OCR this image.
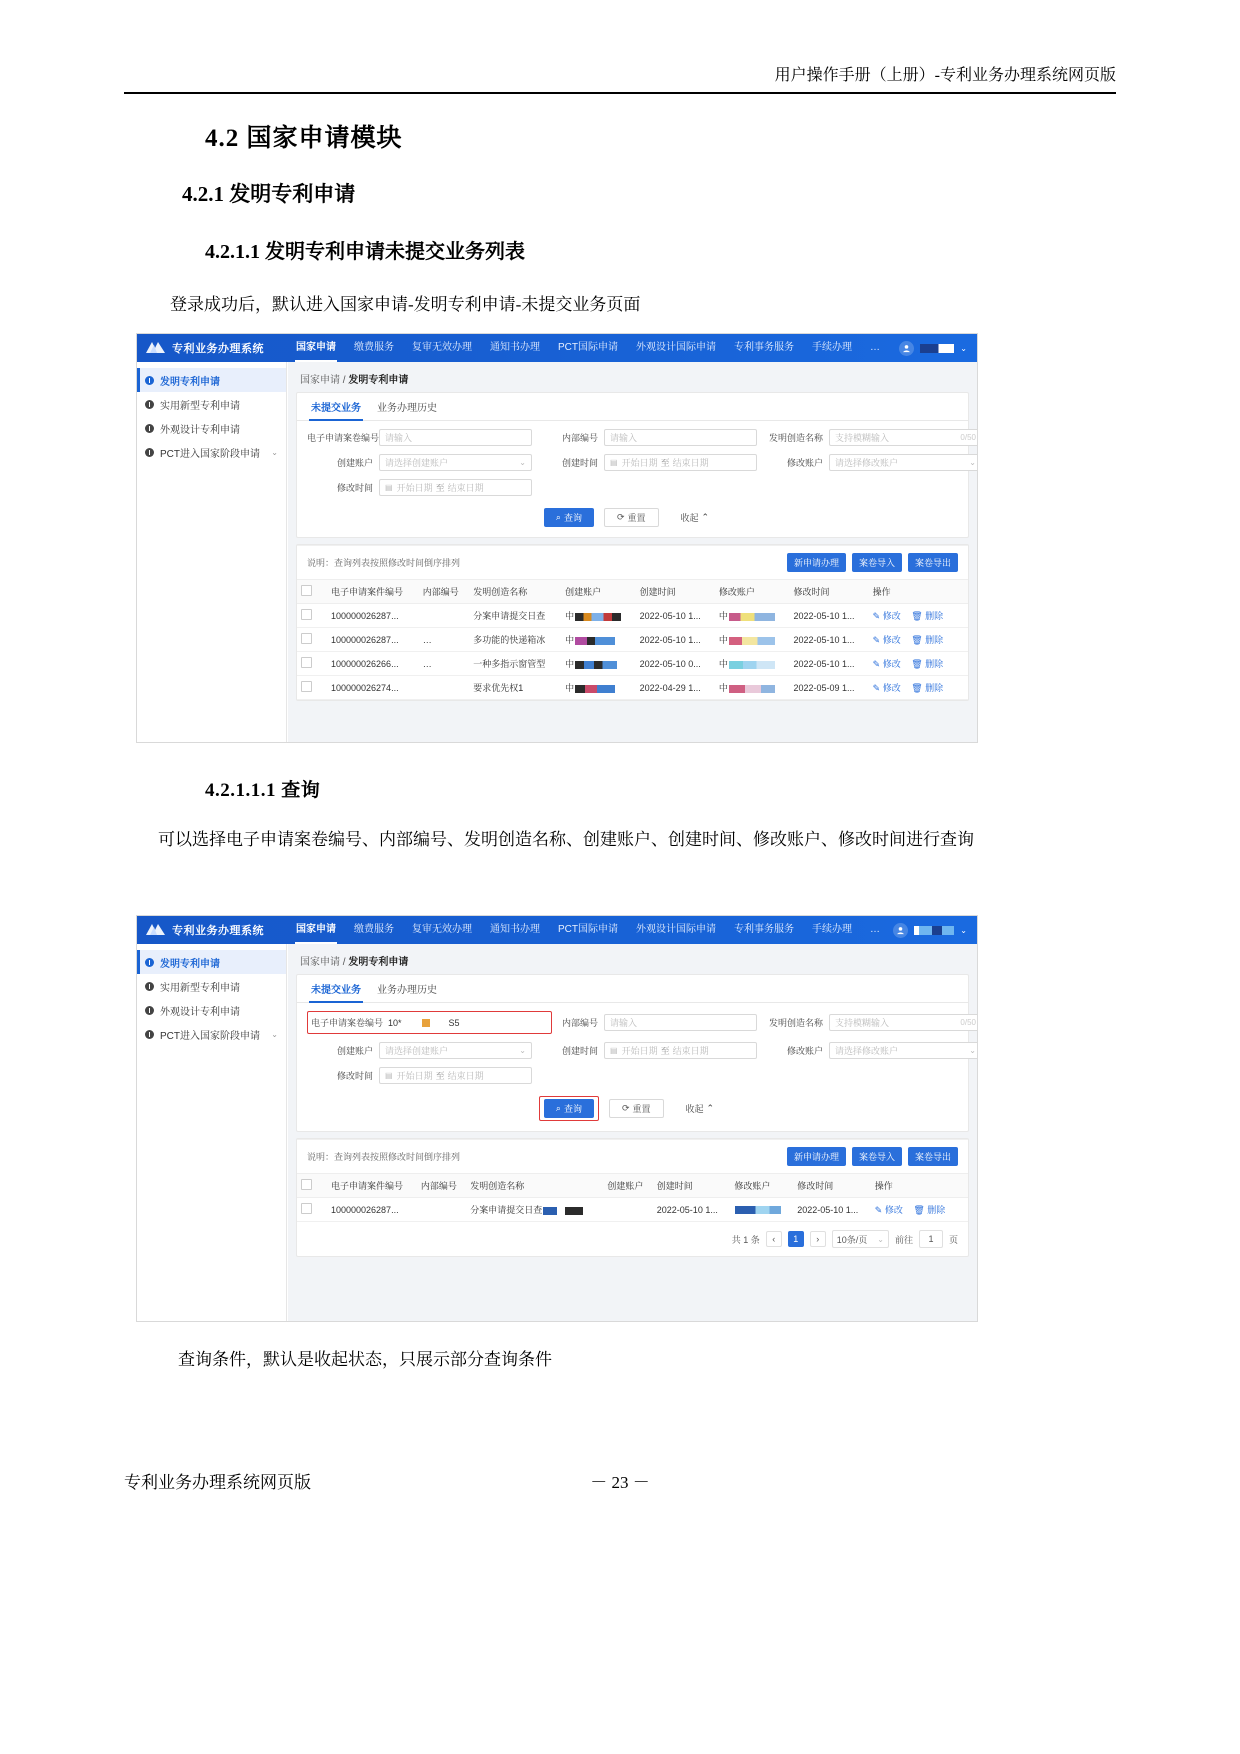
用户操作手册（上册）-专利业务办理系统网页版
4.2 国家申请模块
4.2.1 发明专利申请
4.2.1.1 发明专利申请未提交业务列表
登录成功后，默认进入国家申请-发明专利申请-未提交业务页面
专利业务办理系统	国家申请	缴费服务	复审无效办理	通知书办理	PCT国际申请	外观设计国际申请	专利事务服务	手续办理	…	⌄
发明专利申请
实用新型专利申请
外观设计专利申请
PCT进入国家阶段申请 ⌄
国家申请 / 发明专利申请
未提交业务	业务办理历史
电子申请案卷编号 请输入	内部编号	请输入	发明创造名称	支持模糊输入	0/50
创建账户	请选择创建账户	⌄	创建时间	▤ 开始日期 至 结束日期	修改账户	请选择修改账户	⌄
修改时间	▤ 开始日期 至 结束日期
⌕ 查询	⟳ 重置	收起 ⌃
说明：查询列表按照修改时间倒序排列	新申请办理	案卷导入	案卷导出
	电子申请案件编号	内部编号	发明创造名称	创建账户	创建时间	修改账户	修改时间	操作
	100000026287...		分案申请提交日查	中	2022-05-10 1...	中	2022-05-10 1...	✎ 修改 🗑 删除
	100000026287...	…	多功能的快递箱冰	中	2022-05-10 1...	中	2022-05-10 1...	✎ 修改 🗑 删除
	100000026266...	…	一种多指示窗管型	中	2022-05-10 0...	中	2022-05-10 1...	✎ 修改 🗑 删除
	100000026274...		要求优先权1	中	2022-04-29 1...	中	2022-05-09 1...	✎ 修改 🗑 删除
4.2.1.1.1 查询
可以选择电子申请案卷编号、内部编号、发明创造名称、创建账户、创建时间、修改账户、修改时间进行查询
专利业务办理系统	国家申请	缴费服务	复审无效办理	通知书办理	PCT国际申请	外观设计国际申请	专利事务服务	手续办理	…	⌄
发明专利申请
实用新型专利申请
外观设计专利申请
PCT进入国家阶段申请 ⌄
国家申请 / 发明专利申请
未提交业务	业务办理历史
电子申请案卷编号 10*	S5	内部编号	请输入	发明创造名称	支持模糊输入	0/50
创建账户	请选择创建账户	⌄	创建时间	▤ 开始日期 至 结束日期	修改账户	请选择修改账户	⌄
修改时间	▤ 开始日期 至 结束日期
⌕ 查询	⟳ 重置	收起 ⌃
说明：查询列表按照修改时间倒序排列	新申请办理	案卷导入	案卷导出
	电子申请案件编号	内部编号	发明创造名称	创建账户	创建时间	修改账户	修改时间	操作
	100000026287...		分案申请提交日查		2022-05-10 1...		2022-05-10 1...	✎ 修改 🗑 删除
共 1 条	‹	1	›	10条/页 ⌄ 前往	1	页
查询条件，默认是收起状态，只展示部分查询条件
专利业务办理系统网页版	－ 23 －
